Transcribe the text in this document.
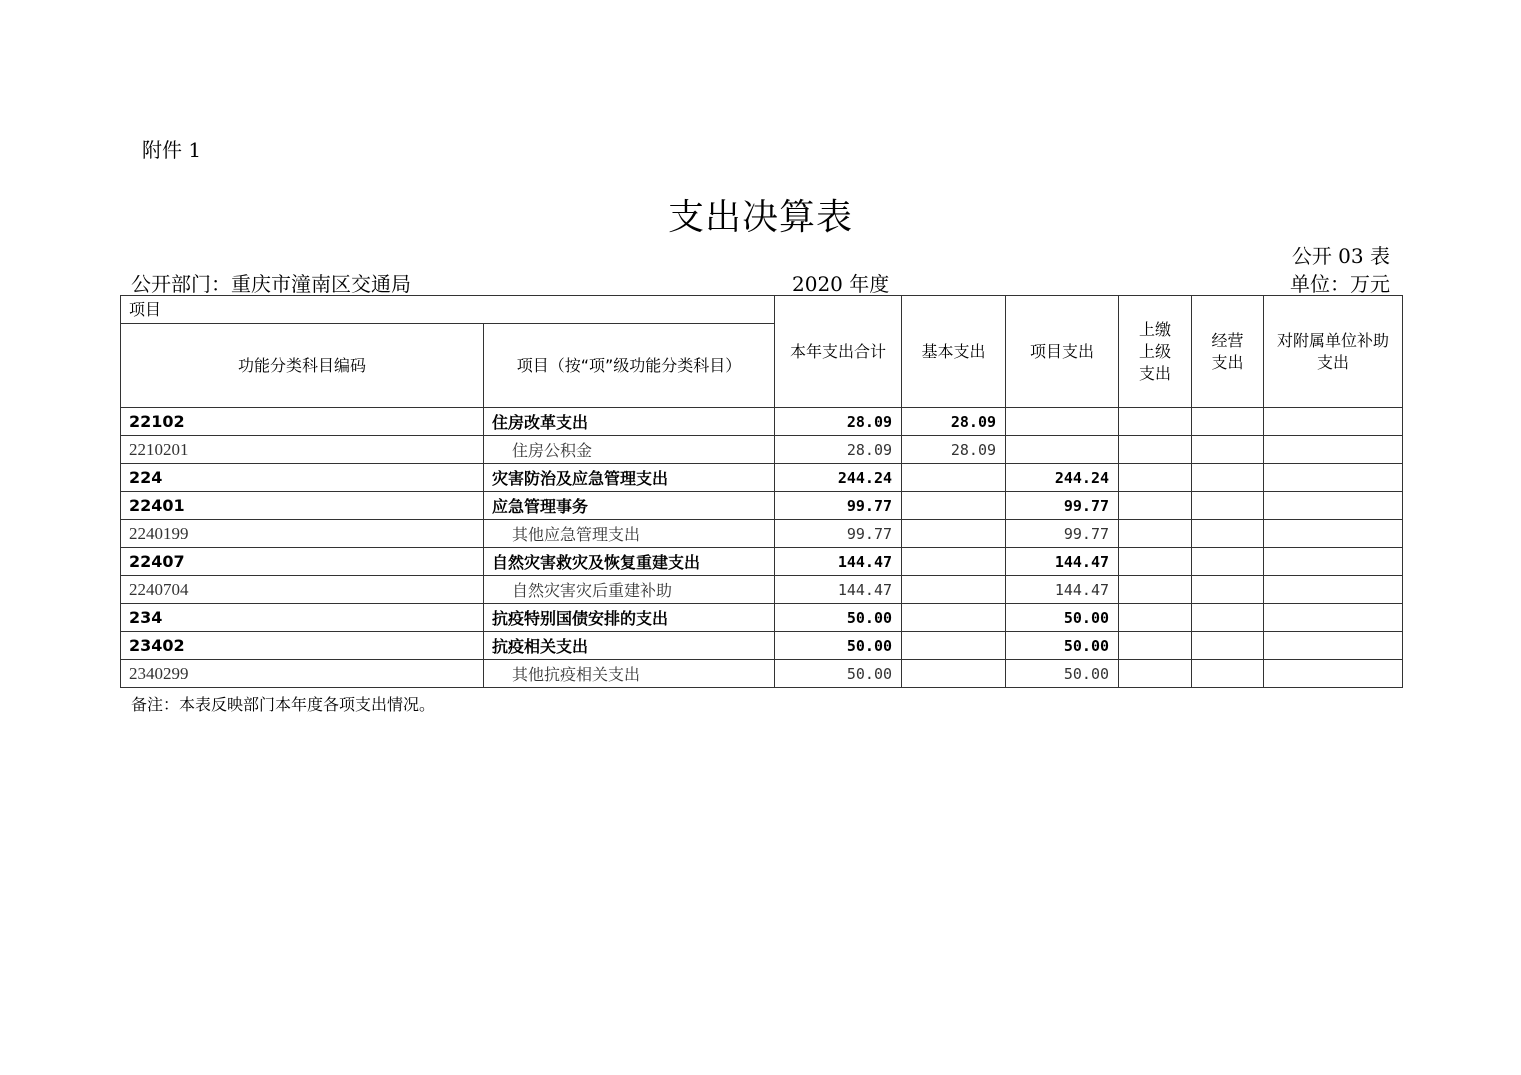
附件 1
支出决算表
公开 03 表
公开部门：重庆市潼南区交通局	2020 年度	单位：万元
项目		本年支出合计	基本支出	项目支出	上缴上级支出	经营支出	对附属单位补助支出

功能分类科目编码	项目（按“项”级功能分类科目）						
22102	住房改革支出	28.09	28.09				
2210201	住房公积金	28.09	28.09				
224	灾害防治及应急管理支出	244.24		244.24			
22401	应急管理事务	99.77		99.77			
2240199	其他应急管理支出	99.77		99.77			
22407	自然灾害救灾及恢复重建支出	144.47		144.47			
2240704	自然灾害灾后重建补助	144.47		144.47			
234	抗疫特别国债安排的支出	50.00		50.00			
23402	抗疫相关支出	50.00		50.00			
2340299	其他抗疫相关支出	50.00		50.00			
备注：本表反映部门本年度各项支出情况。
